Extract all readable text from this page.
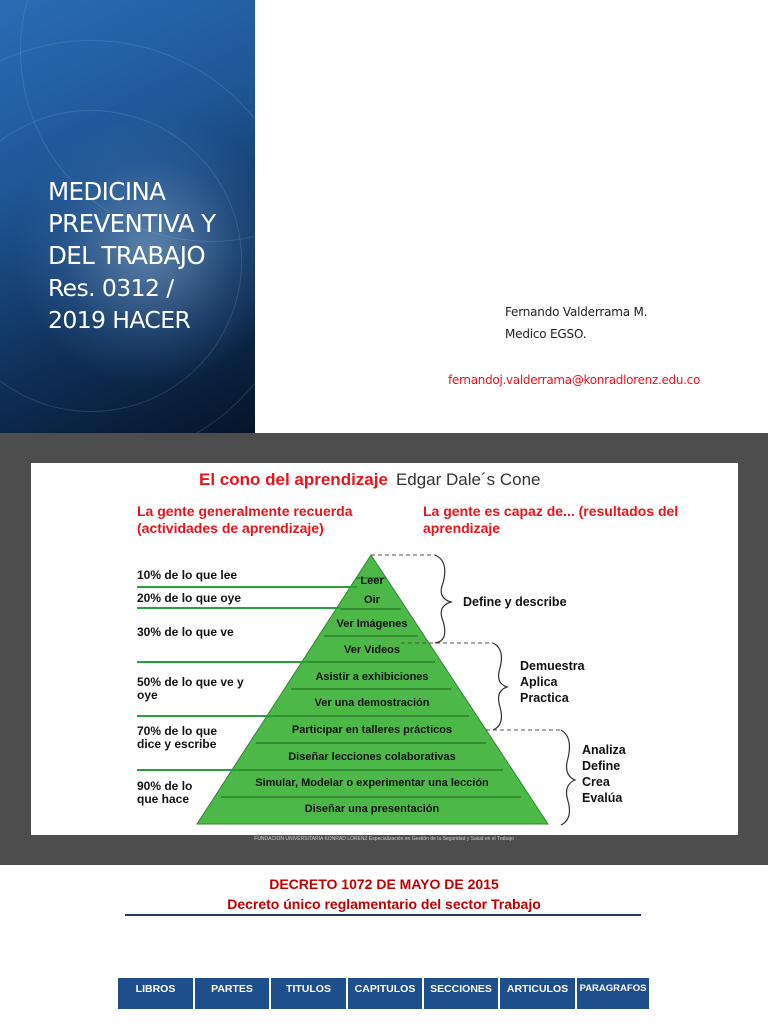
MEDICINA
PREVENTIVA Y
DEL TRABAJO
Res. 0312 /
2019 HACER	Fernando Valderrama M.
Medico EGSO.
fernandoj.valderrama@konradlorenz.edu.co
El cono del aprendizaje Edgar Dale´s Cone
La gente generalmente recuerda (actividades de aprendizaje)
La gente es capaz de... (resultados del aprendizaje
10% de lo que lee
20% de lo que oye
30% de lo que ve
50% de lo que ve y oye
70% de lo que dice y escribe
90% de lo que hace
Leer
Oir
Ver Imágenes
Ver Videos
Asistir a exhibiciones
Ver una demostración
Participar en talleres prácticos
Diseñar lecciones colaborativas
Simular, Modelar o experimentar una lección
Diseñar una presentación
Define y describe
Demuestra Aplica Practica
Analiza Define Crea Evalúa
FUNDACION UNIVERSITARIA KONRAD LORENZ Especialización en Gestión de la Seguridad y Salud en el Trabajo
DECRETO 1072 DE MAYO DE 2015
Decreto único reglamentario del sector Trabajo
LIBROS	PARTES	TITULOS	CAPITULOS	SECCIONES	ARTICULOS	PARAGRAFOS
